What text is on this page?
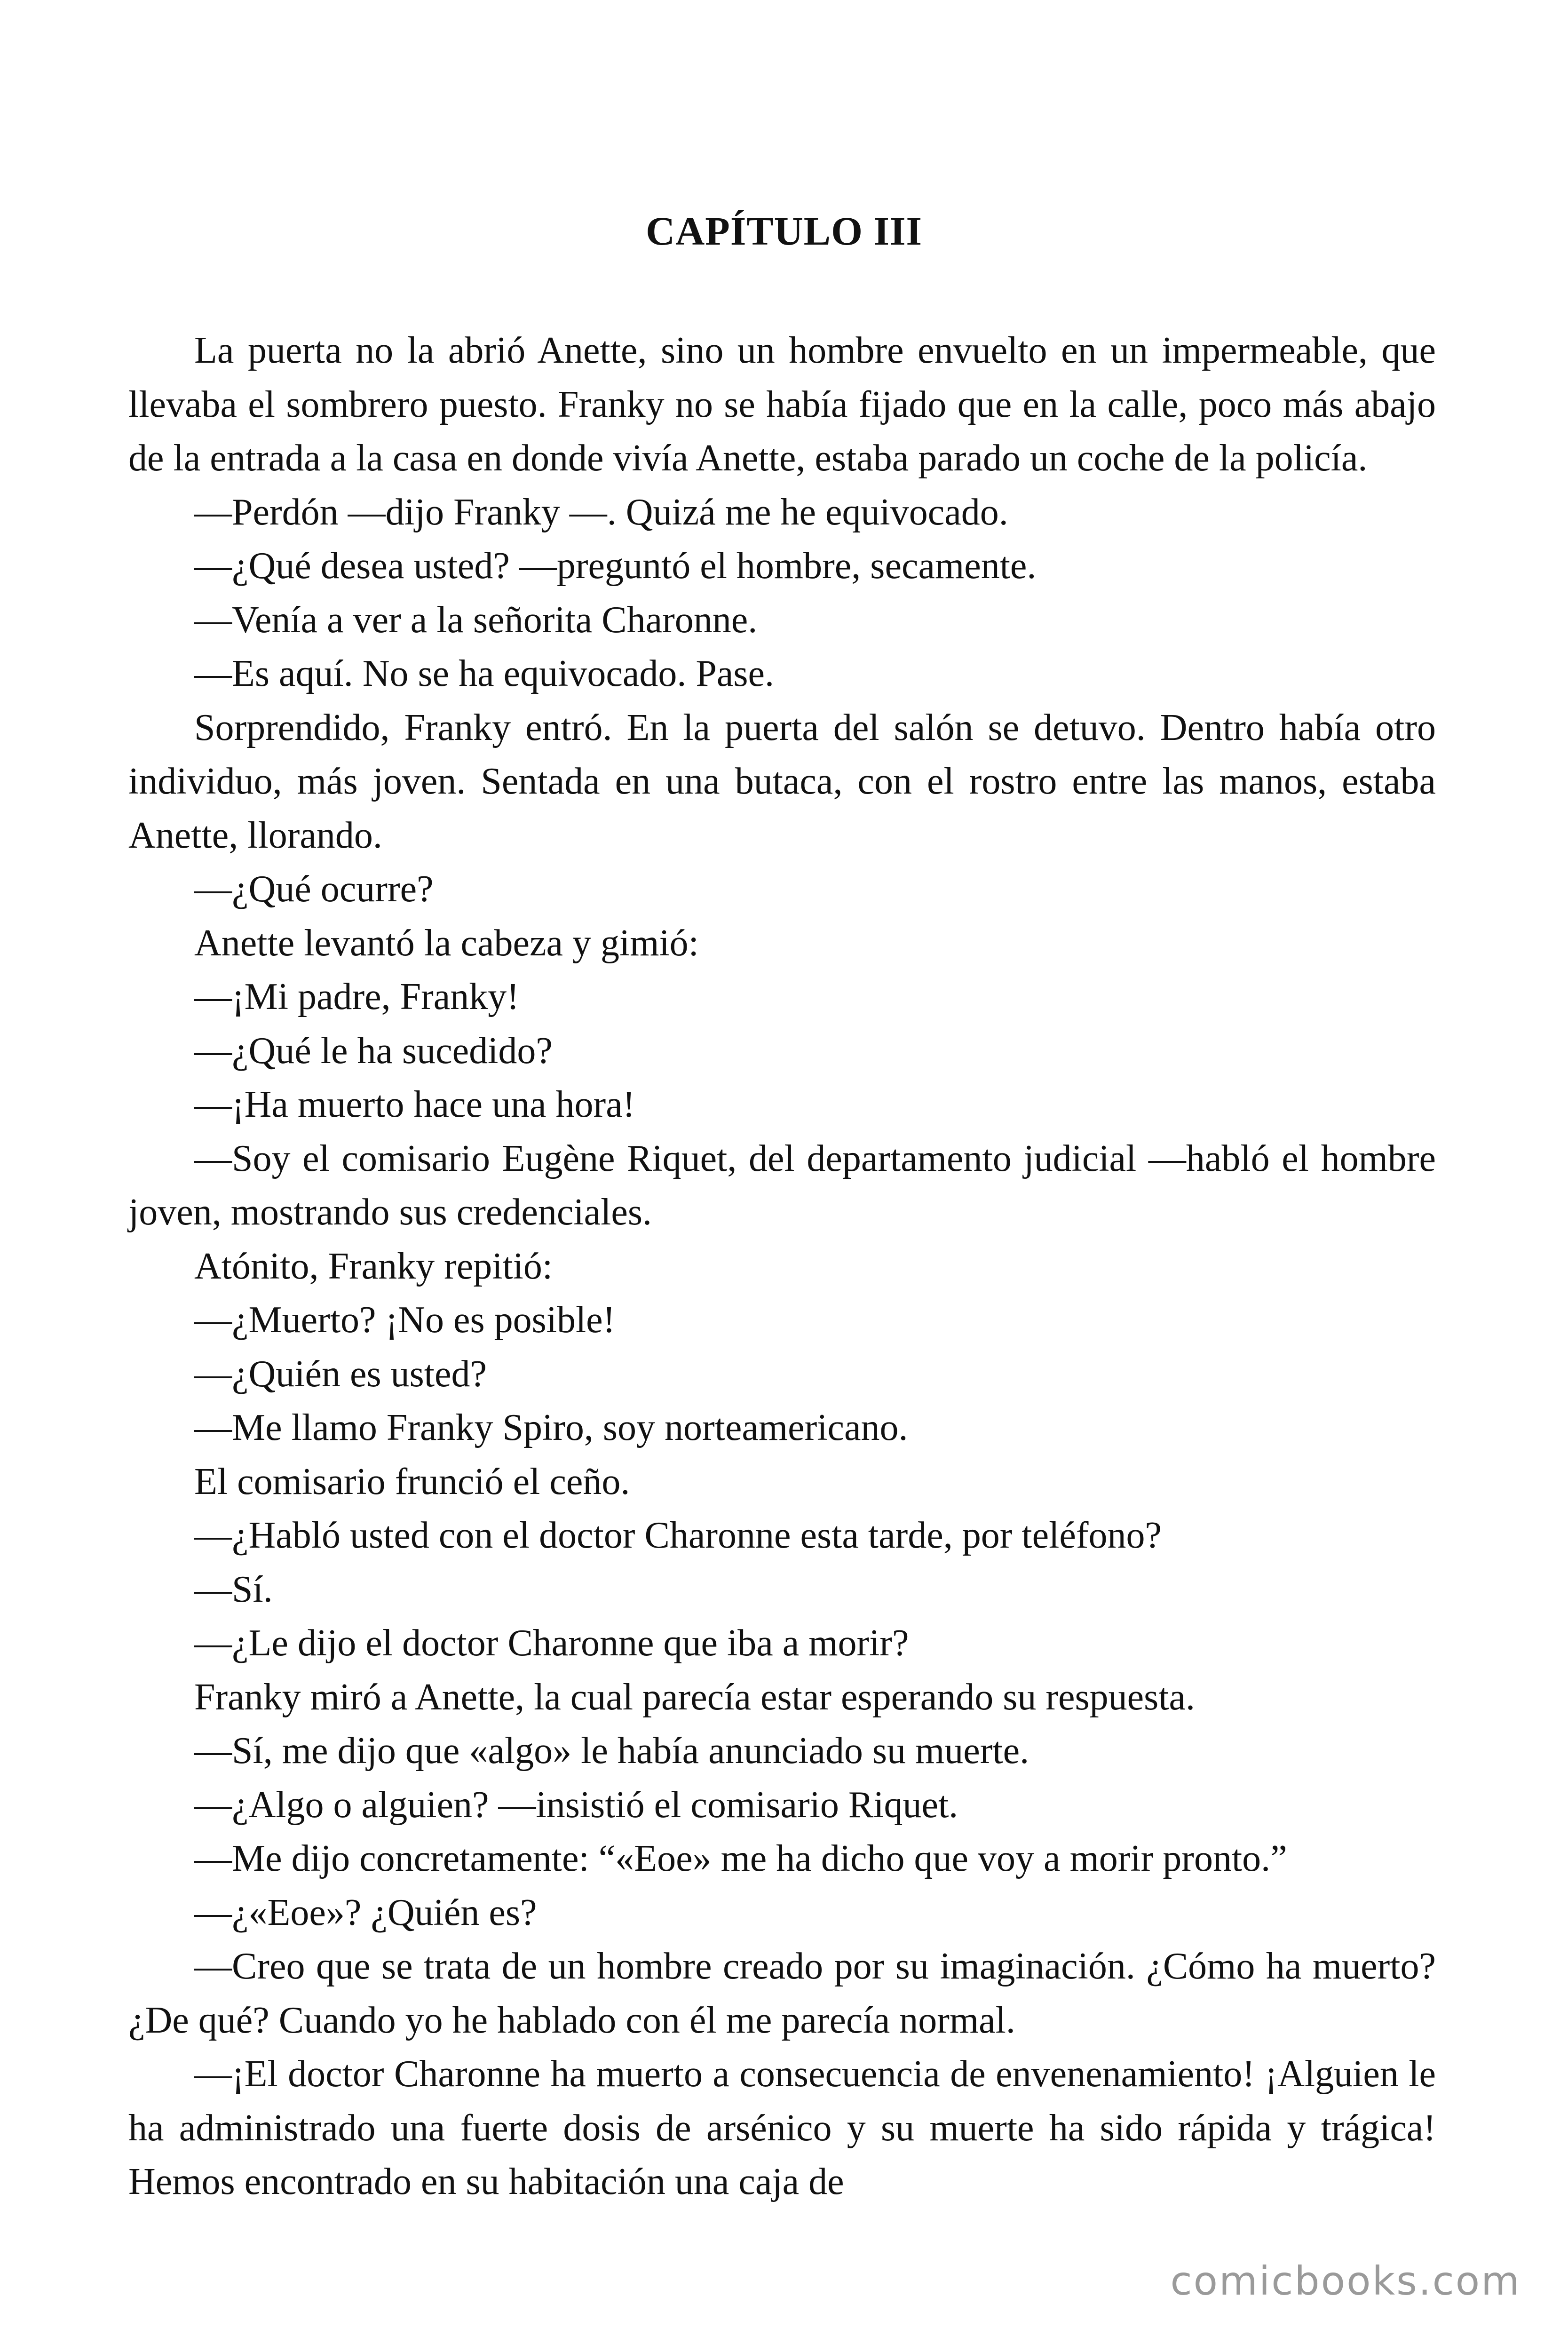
CAPÍTULO III

La puerta no la abrió Anette, sino un hombre envuelto en un impermeable, que llevaba el sombrero puesto. Franky no se había fijado que en la calle, poco más abajo de la entrada a la casa en donde vivía Anette, estaba parado un coche de la policía.

—Perdón —dijo Franky —. Quizá me he equivocado.

—¿Qué desea usted? —preguntó el hombre, secamente.

—Venía a ver a la señorita Charonne.

—Es aquí. No se ha equivocado. Pase.

Sorprendido, Franky entró. En la puerta del salón se detuvo. Dentro había otro individuo, más joven. Sentada en una butaca, con el rostro entre las manos, estaba Anette, llorando.

—¿Qué ocurre?

Anette levantó la cabeza y gimió:

—¡Mi padre, Franky!

—¿Qué le ha sucedido?

—¡Ha muerto hace una hora!

—Soy el comisario Eugène Riquet, del departamento judicial —habló el hombre joven, mostrando sus credenciales.

Atónito, Franky repitió:

—¿Muerto? ¡No es posible!

—¿Quién es usted?

—Me llamo Franky Spiro, soy norteamericano.

El comisario frunció el ceño.

—¿Habló usted con el doctor Charonne esta tarde, por teléfono?

—Sí.

—¿Le dijo el doctor Charonne que iba a morir?

Franky miró a Anette, la cual parecía estar esperando su respuesta.

—Sí, me dijo que «algo» le había anunciado su muerte.

—¿Algo o alguien? —insistió el comisario Riquet.

—Me dijo concretamente: “«Eoe» me ha dicho que voy a morir pronto.”

—¿«Eoe»? ¿Quién es?

—Creo que se trata de un hombre creado por su imaginación. ¿Cómo ha muerto? ¿De qué? Cuando yo he hablado con él me parecía normal.

—¡El doctor Charonne ha muerto a consecuencia de envenenamiento! ¡Alguien le ha administrado una fuerte dosis de arsénico y su muerte ha sido rápida y trágica! Hemos encontrado en su habitación una caja de

comicbooks.com
